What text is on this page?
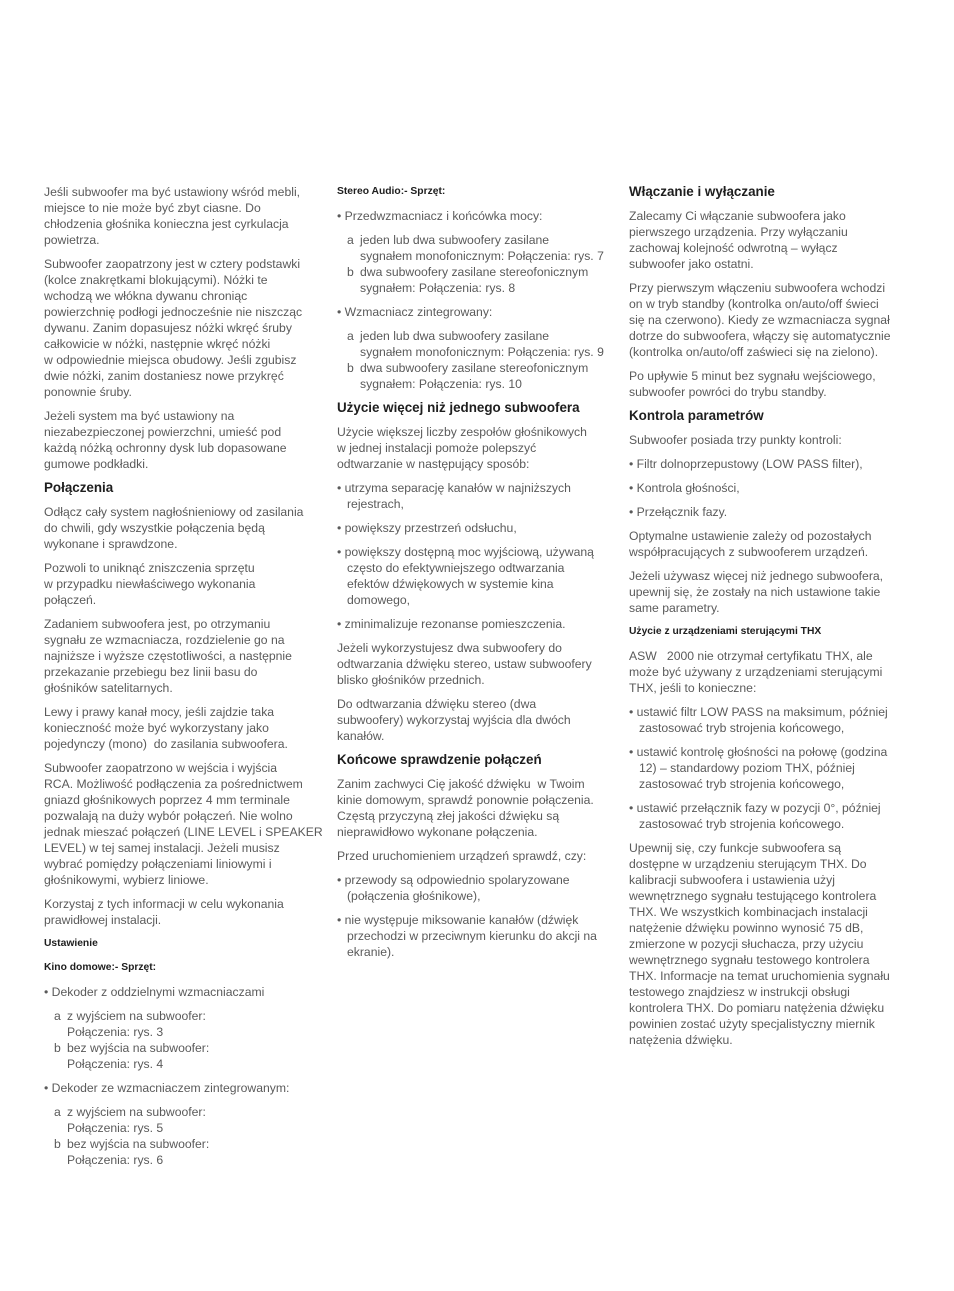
Jeśli subwoofer ma być ustawiony wśród mebli,
miejsce to nie może być zbyt ciasne. Do
chłodzenia głośnika konieczna jest cyrkulacja
powietrza.
Subwoofer zaopatrzony jest w cztery podstawki
(kolce znakrętkami blokującymi). Nóżki te
wchodzą we włókna dywanu chroniąc
powierzchnię podłogi jednocześnie nie niszcząc
dywanu. Zanim dopasujesz nóżki wkręć śruby
całkowicie w nóżki, następnie wkręć nóżki
w odpowiednie miejsca obudowy. Jeśli zgubisz
dwie nóżki, zanim dostaniesz nowe przykręć
ponownie śruby.
Jeżeli system ma być ustawiony na
niezabezpieczonej powierzchni, umieść pod
każdą nóżką ochronny dysk lub dopasowane
gumowe podkładki.
Połączenia
Odłącz cały system nagłośnieniowy od zasilania
do chwili, gdy wszystkie połączenia będą
wykonane i sprawdzone.
Pozwoli to uniknąć zniszczenia sprzętu
w przypadku niewłaściwego wykonania
połączeń.
Zadaniem subwoofera jest, po otrzymaniu
sygnału ze wzmacniacza, rozdzielenie go na
najniższe i wyższe częstotliwości, a następnie
przekazanie przebiegu bez linii basu do
głośników satelitarnych.
Lewy i prawy kanał mocy, jeśli zajdzie taka
konieczność może być wykorzystany jako
pojedynczy (mono)  do zasilania subwoofera.
Subwoofer zaopatrzono w wejścia i wyjścia
RCA. Możliwość podłączenia za pośrednictwem
gniazd głośnikowych poprzez 4 mm terminale
pozwalają na duży wybór połączeń. Nie wolno
jednak mieszać połączeń (LINE LEVEL i SPEAKER
LEVEL) w tej samej instalacji. Jeżeli musisz
wybrać pomiędzy połączeniami liniowymi i
głośnikowymi, wybierz liniowe.
Korzystaj z tych informacji w celu wykonania
prawidłowej instalacji.
Ustawienie
Kino domowe:- Sprzęt:
• Dekoder z oddzielnymi wzmacniaczami
a z wyjściem na subwoofer:
Połączenia: rys. 3
b bez wyjścia na subwoofer:
Połączenia: rys. 4
• Dekoder ze wzmacniaczem zintegrowanym:
a z wyjściem na subwoofer:
Połączenia: rys. 5
b bez wyjścia na subwoofer:
Połączenia: rys. 6
Stereo Audio:- Sprzęt:
• Przedwzmacniacz i końcówka mocy:
a jeden lub dwa subwoofery zasilane
sygnałem monofonicznym: Połączenia: rys. 7
b dwa subwoofery zasilane stereofonicznym
sygnałem: Połączenia: rys. 8
• Wzmacniacz zintegrowany:
a jeden lub dwa subwoofery zasilane
sygnałem monofonicznym: Połączenia: rys. 9
b dwa subwoofery zasilane stereofonicznym
sygnałem: Połączenia: rys. 10
Użycie więcej niż jednego subwoofera
Użycie większej liczby zespołów głośnikowych
w jednej instalacji pomoże polepszyć
odtwarzanie w następujący sposób:
• utrzyma separację kanałów w najniższych
rejestrach,
• powiększy przestrzeń odsłuchu,
• powiększy dostępną moc wyjściową, używaną
często do efektywniejszego odtwarzania
efektów dźwiękowych w systemie kina
domowego,
• zminimalizuje rezonanse pomieszczenia.
Jeżeli wykorzystujesz dwa subwoofery do
odtwarzania dźwięku stereo, ustaw subwoofery
blisko głośników przednich.
Do odtwarzania dźwięku stereo (dwa
subwoofery) wykorzystaj wyjścia dla dwóch
kanałów.
Końcowe sprawdzenie połączeń
Zanim zachwyci Cię jakość dźwięku  w Twoim
kinie domowym, sprawdź ponownie połączenia.
Częstą przyczyną złej jakości dźwięku są
nieprawidłowo wykonane połączenia.
Przed uruchomieniem urządzeń sprawdź, czy:
• przewody są odpowiednio spolaryzowane
(połączenia głośnikowe),
• nie występuje miksowanie kanałów (dźwięk
przechodzi w przeciwnym kierunku do akcji na
ekranie).
Włączanie i wyłączanie
Zalecamy Ci włączanie subwoofera jako
pierwszego urządzenia. Przy wyłączaniu
zachowaj kolejność odwrotną – wyłącz
subwoofer jako ostatni.
Przy pierwszym włączeniu subwoofera wchodzi
on w tryb standby (kontrolka on/auto/off świeci
się na czerwono). Kiedy ze wzmacniacza sygnał
dotrze do subwoofera, włączy się automatycznie
(kontrolka on/auto/off zaświeci się na zielono).
Po upływie 5 minut bez sygnału wejściowego,
subwoofer powróci do trybu standby.
Kontrola parametrów
Subwoofer posiada trzy punkty kontroli:
• Filtr dolnoprzepustowy (LOW PASS filter),
• Kontrola głośności,
• Przełącznik fazy.
Optymalne ustawienie zależy od pozostałych
współpracujących z subwooferem urządzeń.
Jeżeli używasz więcej niż jednego subwoofera,
upewnij się, że zostały na nich ustawione takie
same parametry.
Użycie z urządzeniami sterującymi THX
ASW   2000 nie otrzymał certyfikatu THX, ale
może być używany z urządzeniami sterującymi
THX, jeśli to konieczne:
• ustawić filtr LOW PASS na maksimum, później
zastosować tryb strojenia końcowego,
• ustawić kontrolę głośności na połowę (godzina
12) – standardowy poziom THX, później
zastosować tryb strojenia końcowego,
• ustawić przełącznik fazy w pozycji 0°, później
zastosować tryb strojenia końcowego.
Upewnij się, czy funkcje subwoofera są
dostępne w urządzeniu sterującym THX. Do
kalibracji subwoofera i ustawienia użyj
wewnętrznego sygnału testującego kontrolera
THX. We wszystkich kombinacjach instalacji
natężenie dźwięku powinno wynosić 75 dB,
zmierzone w pozycji słuchacza, przy użyciu
wewnętrznego sygnału testowego kontrolera
THX. Informacje na temat uruchomienia sygnału
testowego znajdziesz w instrukcji obsługi
kontrolera THX. Do pomiaru natężenia dźwięku
powinien zostać użyty specjalistyczny miernik
natężenia dźwięku.
